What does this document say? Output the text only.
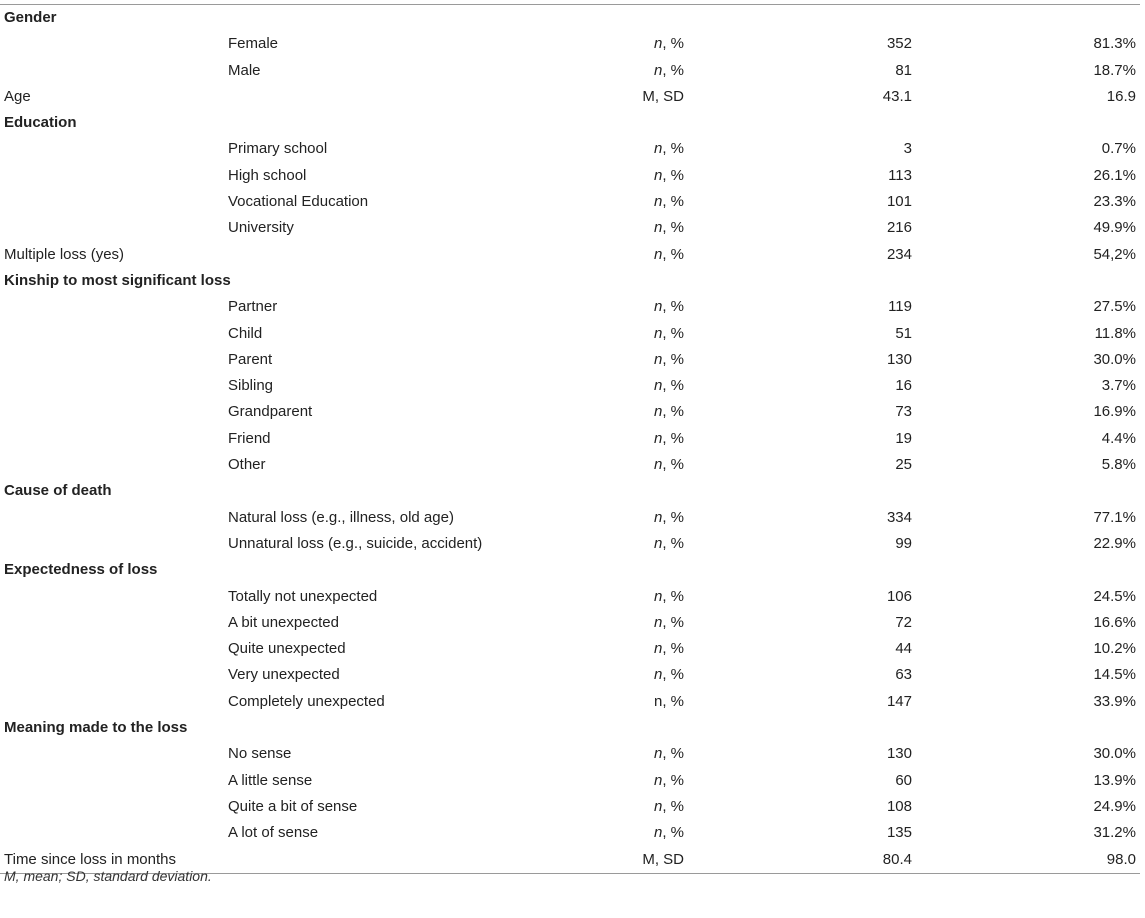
Gender				
	Female	n, %	352	81.3%
	Male	n, %	81	18.7%
Age		M, SD	43.1	16.9
Education				
	Primary school	n, %	3	0.7%
	High school	n, %	113	26.1%
	Vocational Education	n, %	101	23.3%
	University	n, %	216	49.9%
Multiple loss (yes)		n, %	234	54,2%
Kinship to most significant loss				
	Partner	n, %	119	27.5%
	Child	n, %	51	11.8%
	Parent	n, %	130	30.0%
	Sibling	n, %	16	3.7%
	Grandparent	n, %	73	16.9%
	Friend	n, %	19	4.4%
	Other	n, %	25	5.8%
Cause of death				
	Natural loss (e.g., illness, old age)	n, %	334	77.1%
	Unnatural loss (e.g., suicide, accident)	n, %	99	22.9%
Expectedness of loss				
	Totally not unexpected	n, %	106	24.5%
	A bit unexpected	n, %	72	16.6%
	Quite unexpected	n, %	44	10.2%
	Very unexpected	n, %	63	14.5%
	Completely unexpected	n, %	147	33.9%
Meaning made to the loss				
	No sense	n, %	130	30.0%
	A little sense	n, %	60	13.9%
	Quite a bit of sense	n, %	108	24.9%
	A lot of sense	n, %	135	31.2%
Time since loss in months		M, SD	80.4	98.0
M, mean; SD, standard deviation.
